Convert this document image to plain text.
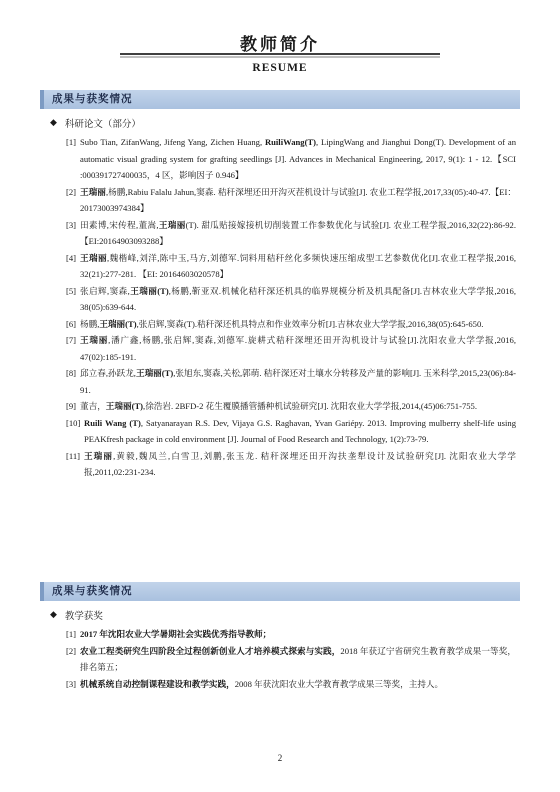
教师简介
RESUME
成果与获奖情况
◆ 科研论文（部分）
[1] Subo Tian, ZifanWang, Jifeng Yang, Zichen Huang, RuiliWang(T), LipingWang and Jianghui Dong(T). Development of an automatic visual grading system for grafting seedlings [J]. Advances in Mechanical Engineering, 2017, 9(1): 1 - 12.【SCI :000391727400035，4 区，影响因子 0.946】
[2] 王瑞丽,杨鹏,Rabiu Falalu Jahun,窦森. 秸秆深埋还田开沟灭茬机设计与试验[J]. 农业工程学报,2017,33(05):40-47.【EI：20173003974384】
[3] 田素博,宋传程,董嵩,王瑞丽(T). 甜瓜贴接嫁接机切削装置工作参数优化与试验[J]. 农业工程学报,2016,32(22):86-92.【EI:20164903093288】
[4] 王瑞丽,魏楷峰,刘洋,陈中玉,马方,刘德军.饲料用秸秆丝化多频快速压缩成型工艺参数优化[J].农业工程学报,2016, 32(21):277-281. 【EI: 20164603020578】
[5] 张启辉,窦森,王瑞丽(T),杨鹏,靳亚双.机械化秸秆深还机具的临界规模分析及机具配备[J].吉林农业大学学报,2016, 38(05):639-644.
[6] 杨鹏,王瑞丽(T),张启辉,窦森(T).秸秆深还机具特点和作业效率分析[J].吉林农业大学学报,2016,38(05):645-650.
[7] 王瑞丽,潘广鑫,杨鹏,张启辉,窦森,刘德军.旋耕式秸秆深埋还田开沟机设计与试验[J].沈阳农业大学学报,2016, 47(02):185-191.
[8] 邱立春,孙跃龙,王瑞丽(T),张旭东,窦森,关松,郭萌. 秸秆深还对土壤水分转移及产量的影响[J]. 玉米科学,2015,23(06):84-91.
[9] 董吉，王瑞丽(T),徐浩岩. 2BFD-2 花生覆膜播管播种机试验研究[J]. 沈阳农业大学学报,2014,(45)06:751-755.
[10] Ruili Wang (T), Satyanarayan R.S. Dev, Vijaya G.S. Raghavan, Yvan Gariépy. 2013. Improving mulberry shelf-life using PEAKfresh package in cold environment [J]. Journal of Food Research and Technology, 1(2):73-79.
[11] 王瑞丽,黄毅,魏凤兰,白雪卫,刘鹏,张玉龙. 秸秆深埋还田开沟扶垄犁设计及试验研究[J]. 沈阳农业大学学报,2011,02:231-234.
成果与获奖情况
◆ 教学获奖
[1] 2017 年沈阳农业大学暑期社会实践优秀指导教师；
[2] 农业工程类研究生四阶段全过程创新创业人才培养模式探索与实践，2018 年获辽宁省研究生教育教学成果一等奖，排名第五；
[3] 机械系统自动控制课程建设和教学实践，2008 年获沈阳农业大学教育教学成果三等奖，主持人。
2
